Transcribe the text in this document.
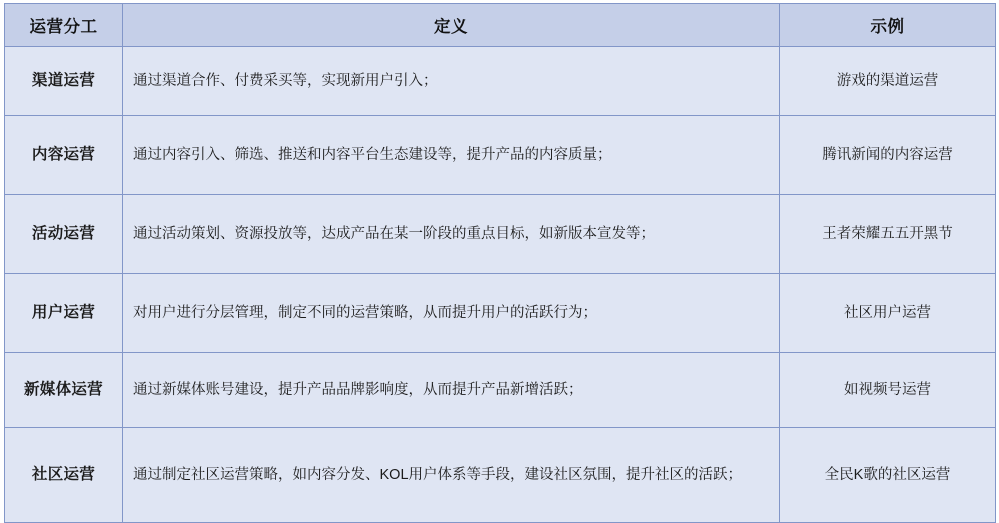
运营分工	定义	示例
渠道运营	通过渠道合作、付费采买等，实现新用户引入；	游戏的渠道运营
内容运营	通过内容引入、筛选、推送和内容平台生态建设等，提升产品的内容质量；	腾讯新闻的内容运营
活动运营	通过活动策划、资源投放等，达成产品在某一阶段的重点目标，如新版本宣发等；	王者荣耀五五开黑节
用户运营	对用户进行分层管理，制定不同的运营策略，从而提升用户的活跃行为；	社区用户运营
新媒体运营	通过新媒体账号建设，提升产品品牌影响度，从而提升产品新增活跃；	如视频号运营
社区运营	通过制定社区运营策略，如内容分发、KOL用户体系等手段，建设社区氛围，提升社区的活跃；	全民K歌的社区运营
